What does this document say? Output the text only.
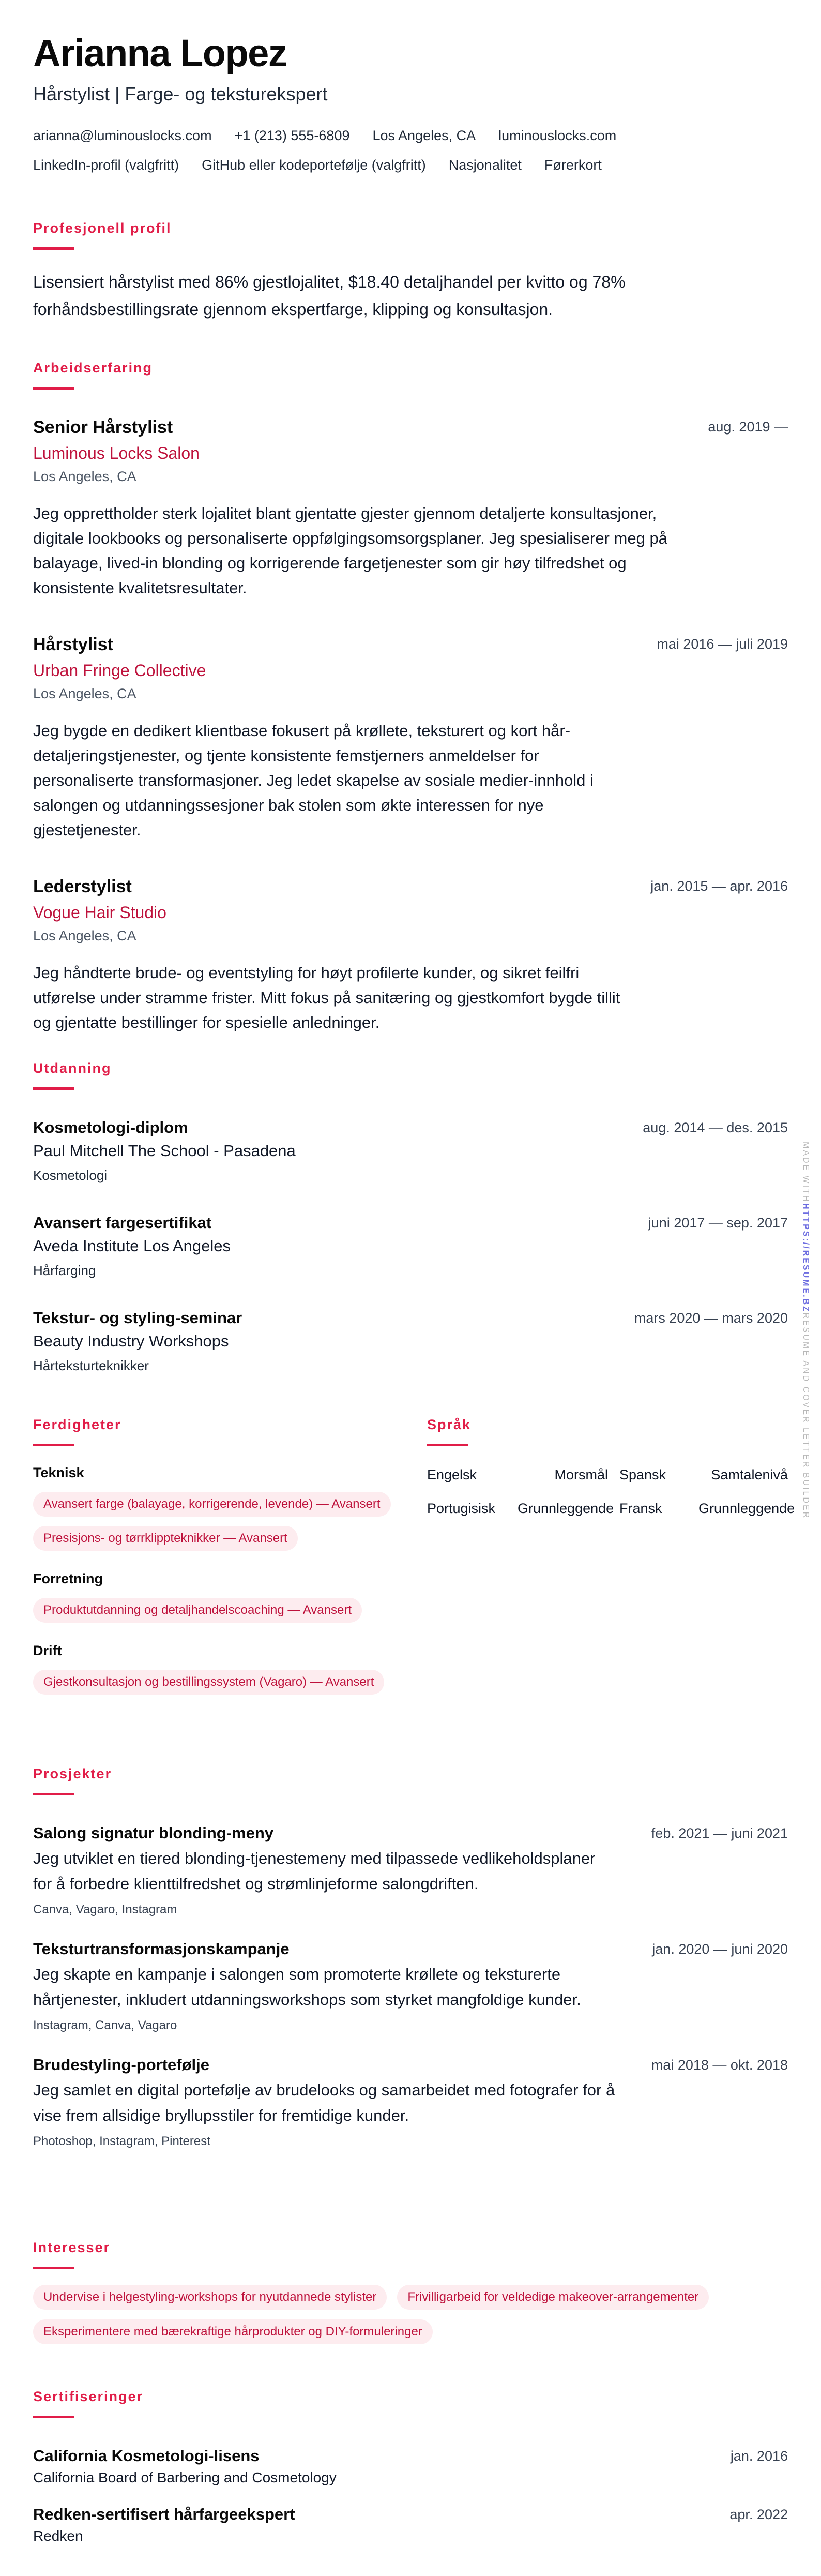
Arianna Lopez
Hårstylist | Farge- og teksturekspert
arianna@luminouslocks.com +1 (213) 555-6809 Los Angeles, CA luminouslocks.com
LinkedIn-profil (valgfritt) GitHub eller kodeportefølje (valgfritt) Nasjonalitet Førerkort
Profesjonell profil

Lisensiert hårstylist med 86% gjestlojalitet, $18.40 detaljhandel per kvitto og 78% forhåndsbestillingsrate gjennom ekspertfarge, klipping og konsultasjon.

Arbeidserfaring
Senior Hårstylist	aug. 2019 —
Luminous Locks Salon
Los Angeles, CA
Jeg opprettholder sterk lojalitet blant gjentatte gjester gjennom detaljerte konsultasjoner, digitale lookbooks og personaliserte oppfølgingsomsorgsplaner. Jeg spesialiserer meg på balayage, lived-in blonding og korrigerende fargetjenester som gir høy tilfredshet og konsistente kvalitetsresultater.
Hårstylist	mai 2016 — juli 2019
Urban Fringe Collective
Los Angeles, CA
Jeg bygde en dedikert klientbase fokusert på krøllete, teksturert og kort hår-detaljeringstjenester, og tjente konsistente femstjerners anmeldelser for personaliserte transformasjoner. Jeg ledet skapelse av sosiale medier-innhold i salongen og utdanningssesjoner bak stolen som økte interessen for nye gjestetjenester.
Lederstylist	jan. 2015 — apr. 2016
Vogue Hair Studio
Los Angeles, CA
Jeg håndterte brude- og eventstyling for høyt profilerte kunder, og sikret feilfri utførelse under stramme frister. Mitt fokus på sanitæring og gjestkomfort bygde tillit og gjentatte bestillinger for spesielle anledninger.
Utdanning
Kosmetologi-diplom	aug. 2014 — des. 2015
Paul Mitchell The School - Pasadena
Kosmetologi
Avansert fargesertifikat	juni 2017 — sep. 2017
Aveda Institute Los Angeles
Hårfarging
Tekstur- og styling-seminar	mars 2020 — mars 2020
Beauty Industry Workshops
Hårteksturteknikker
Ferdigheter
Teknisk
Avansert farge (balayage, korrigerende, levende) — Avansert
Presisjons- og tørrklippteknikker — Avansert
Forretning
Produktutdanning og detaljhandelscoaching — Avansert
Drift
Gjestkonsultasjon og bestillingssystem (Vagaro) — Avansert
Språk
Engelsk	Morsmål Spansk	Samtalenivå
Portugisisk	Grunnleggende Fransk	Grunnleggende
Prosjekter
Salong signatur blonding-meny	feb. 2021 — juni 2021
Jeg utviklet en tiered blonding-tjenestemeny med tilpassede vedlikeholdsplaner for å forbedre klienttilfredshet og strømlinjeforme salongdriften.
Canva, Vagaro, Instagram
Teksturtransformasjonskampanje	jan. 2020 — juni 2020
Jeg skapte en kampanje i salongen som promoterte krøllete og teksturerte hårtjenester, inkludert utdanningsworkshops som styrket mangfoldige kunder.
Instagram, Canva, Vagaro
Brudestyling-portefølje	mai 2018 — okt. 2018
Jeg samlet en digital portefølje av brudelooks og samarbeidet med fotografer for å vise frem allsidige bryllupsstiler for fremtidige kunder.
Photoshop, Instagram, Pinterest
Interesser
Undervise i helgestyling-workshops for nyutdannede stylister	Frivilligarbeid for veldedige makeover-arrangementer
Eksperimentere med bærekraftige hårprodukter og DIY-formuleringer
Sertifiseringer
California Kosmetologi-lisens	jan. 2016
California Board of Barbering and Cosmetology
Redken-sertifisert hårfargeekspert	apr. 2022
Redken
MADE WITHHTTPS://RESUME.BZRESUME AND COVER LETTER BUILDER
